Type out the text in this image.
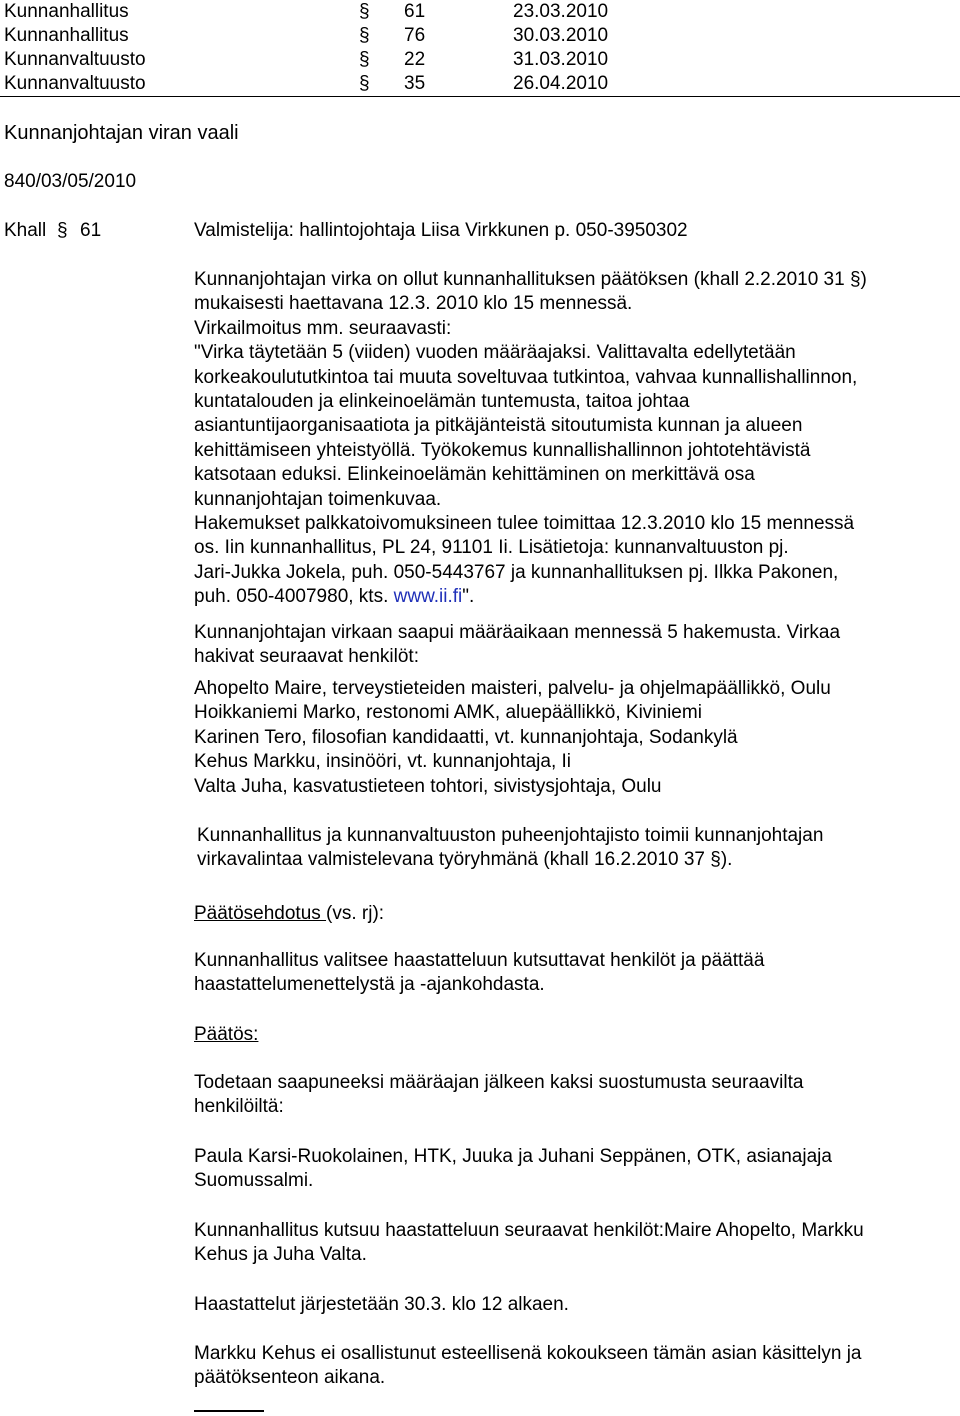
Kunnanhallitus	§ 61	23.03.2010
Kunnanhallitus	§ 76	30.03.2010
Kunnanvaltuusto	§ 22	31.03.2010
Kunnanvaltuusto	§ 35	26.04.2010
Kunnanjohtajan viran vaali
840/03/05/2010
Khall § 61	Valmistelija: hallintojohtaja Liisa Virkkunen p. 050-3950302
Kunnanjohtajan virka on ollut kunnanhallituksen päätöksen (khall 2.2.2010 31 §)
mukaisesti haettavana 12.3. 2010 klo 15 mennessä.
Virkailmoitus mm. seuraavasti:
"Virka täytetään 5 (viiden) vuoden määräajaksi. Valittavalta edellytetään
korkeakoulututkintoa tai muuta soveltuvaa tutkintoa, vahvaa kunnallishallinnon,
kuntatalouden ja elinkeinoelämän tuntemusta, taitoa johtaa
asiantuntijaorganisaatiota ja pitkäjänteistä sitoutumista kunnan ja alueen
kehittämiseen yhteistyöllä. Työkokemus kunnallishallinnon johtotehtävistä
katsotaan eduksi. Elinkeinoelämän kehittäminen on merkittävä osa
kunnanjohtajan toimenkuvaa.
Hakemukset palkkatoivomuksineen tulee toimittaa 12.3.2010 klo 15 mennessä
os. Iin kunnanhallitus, PL 24, 91101 Ii. Lisätietoja: kunnanvaltuuston pj.
Jari-Jukka Jokela, puh. 050-5443767 ja kunnanhallituksen pj. Ilkka Pakonen,
puh. 050-4007980, kts. www.ii.fi".
Kunnanjohtajan virkaan saapui määräaikaan mennessä 5 hakemusta. Virkaa
hakivat seuraavat henkilöt:
Ahopelto Maire, terveystieteiden maisteri, palvelu- ja ohjelmapäällikkö, Oulu
Hoikkaniemi Marko, restonomi AMK, aluepäällikkö, Kiviniemi
Karinen Tero, filosofian kandidaatti, vt. kunnanjohtaja, Sodankylä
Kehus Markku, insinööri, vt. kunnanjohtaja, Ii
Valta Juha, kasvatustieteen tohtori, sivistysjohtaja, Oulu
Kunnanhallitus ja kunnanvaltuuston puheenjohtajisto toimii kunnanjohtajan
virkavalintaa valmistelevana työryhmänä (khall 16.2.2010 37 §).
Päätösehdotus (vs. rj):
Kunnanhallitus valitsee haastatteluun kutsuttavat henkilöt ja päättää
haastattelumenettelystä ja -ajankohdasta.
Päätös:
Todetaan saapuneeksi määräajan jälkeen kaksi suostumusta seuraavilta
henkilöiltä:
Paula Karsi-Ruokolainen, HTK, Juuka ja Juhani Seppänen, OTK, asianajaja
Suomussalmi.
Kunnanhallitus kutsuu haastatteluun seuraavat henkilöt:Maire Ahopelto, Markku
Kehus ja Juha Valta.
Haastattelut järjestetään 30.3. klo 12 alkaen.
Markku Kehus ei osallistunut esteellisenä kokoukseen tämän asian käsittelyn ja
päätöksenteon aikana.
